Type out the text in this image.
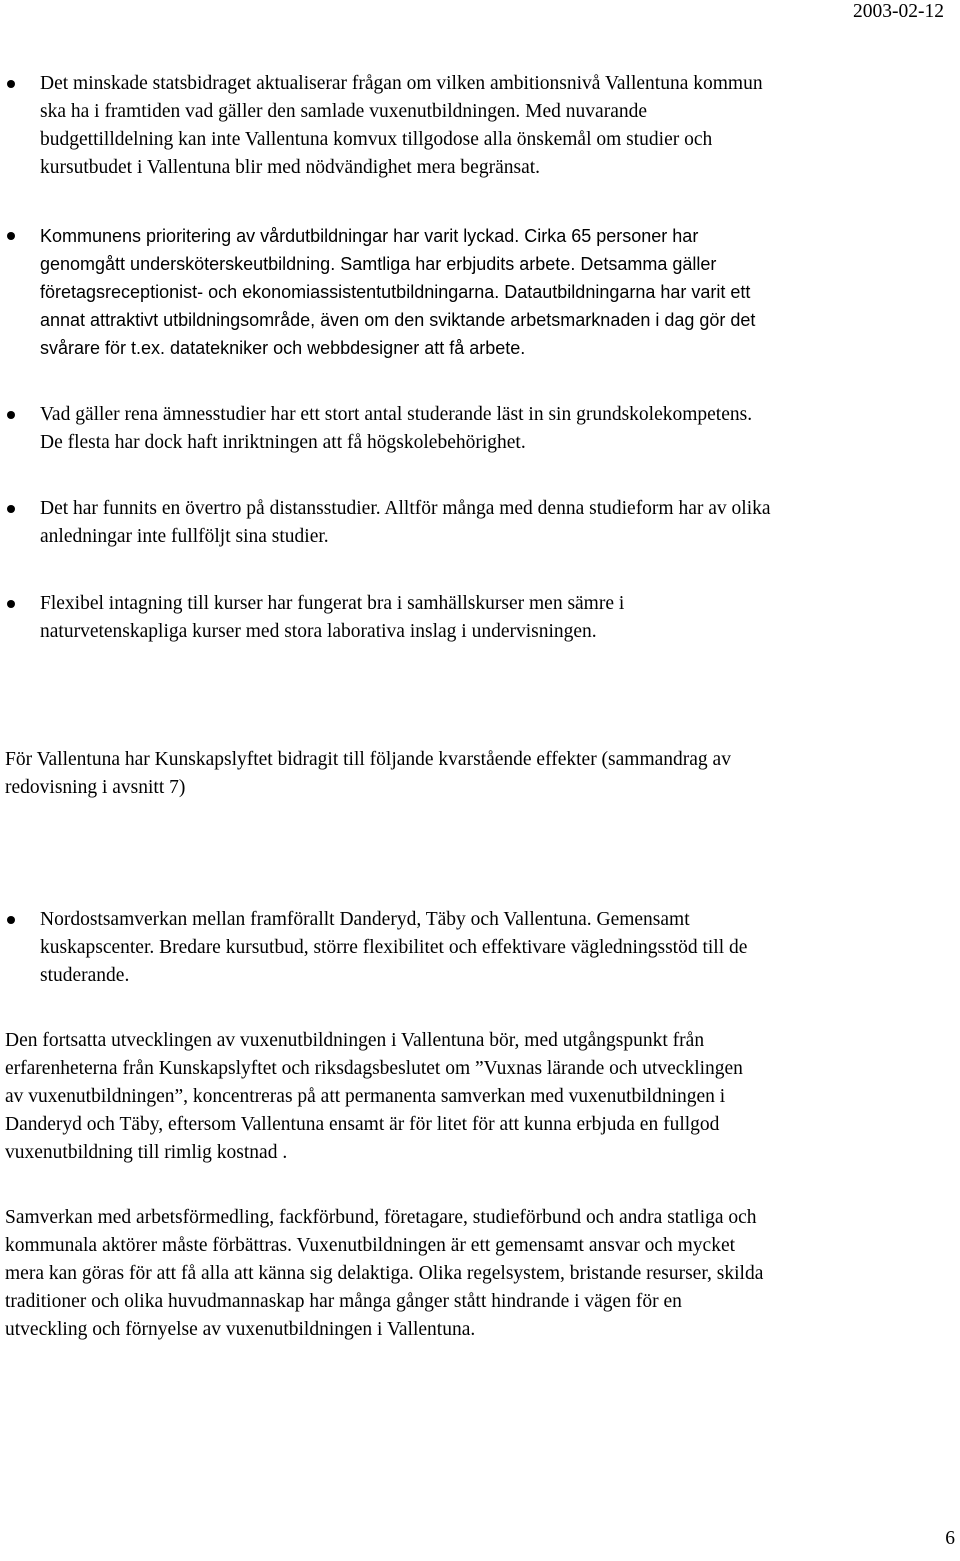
2003-02-12
Det minskade statsbidraget aktualiserar frågan om vilken ambitionsnivå Vallentuna kommun
ska ha i framtiden vad gäller den samlade vuxenutbildningen. Med nuvarande
budgettilldelning kan inte Vallentuna komvux tillgodose alla önskemål om studier och
kursutbudet i Vallentuna blir med nödvändighet mera begränsat.
Kommunens prioritering av vårdutbildningar har varit lyckad. Cirka 65 personer har
genomgått undersköterskeutbildning. Samtliga har erbjudits arbete. Detsamma gäller
företagsreceptionist- och ekonomiassistentutbildningarna. Datautbildningarna har varit ett
annat attraktivt utbildningsområde, även om den sviktande arbetsmarknaden i dag gör det
svårare för t.ex. datatekniker och webbdesigner att få arbete.
Vad gäller rena ämnesstudier har ett stort antal studerande läst in sin grundskolekompetens.
De flesta har dock haft inriktningen att få högskolebehörighet.
Det har funnits en övertro på distansstudier. Alltför många med denna studieform har av olika
anledningar inte fullföljt sina studier.
Flexibel intagning till kurser har fungerat bra i samhällskurser men sämre i
naturvetenskapliga kurser med stora laborativa inslag i undervisningen.
För Vallentuna har Kunskapslyftet bidragit till följande kvarstående effekter (sammandrag av
redovisning i avsnitt 7)
Nordostsamverkan mellan framförallt Danderyd, Täby och Vallentuna. Gemensamt
kuskapscenter. Bredare kursutbud, större flexibilitet och effektivare vägledningsstöd till de
studerande.
Den fortsatta utvecklingen av vuxenutbildningen i Vallentuna bör, med utgångspunkt från
erfarenheterna från Kunskapslyftet och riksdagsbeslutet om ”Vuxnas lärande och utvecklingen
av vuxenutbildningen”, koncentreras på att permanenta samverkan med vuxenutbildningen i
Danderyd och Täby, eftersom Vallentuna ensamt är för litet för att kunna erbjuda en fullgod
vuxenutbildning till rimlig kostnad .
Samverkan med arbetsförmedling, fackförbund, företagare, studieförbund och andra statliga och
kommunala aktörer måste förbättras. Vuxenutbildningen är ett gemensamt ansvar och mycket
mera kan göras för att få alla att känna sig delaktiga. Olika regelsystem, bristande resurser, skilda
traditioner och olika huvudmannaskap har många gånger stått hindrande i vägen för en
utveckling och förnyelse av vuxenutbildningen i Vallentuna.
6
